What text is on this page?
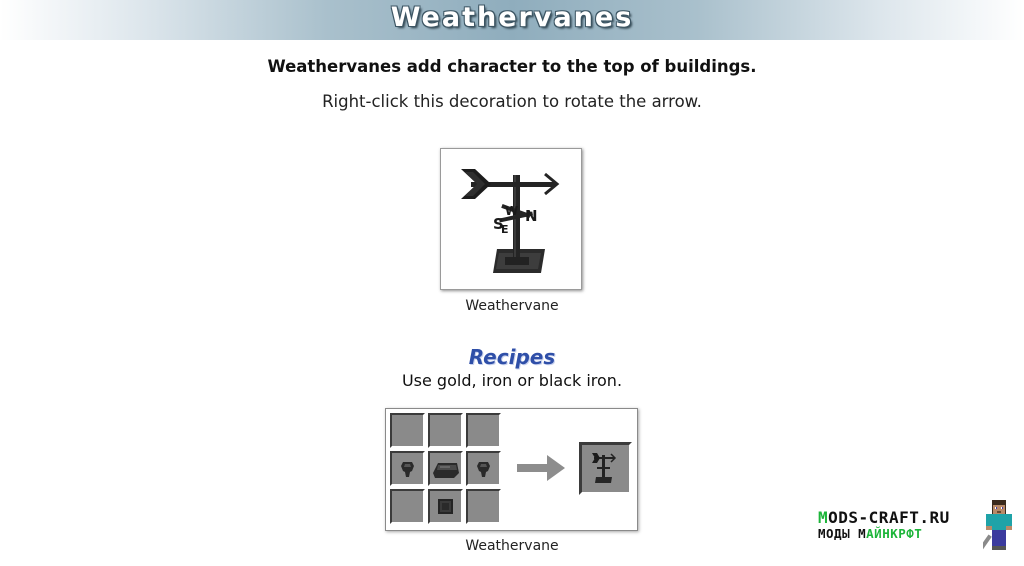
Weathervanes
Weathervanes add character to the top of buildings.
Right-click this decoration to rotate the arrow.
S N
W
E
Weathervane
Recipes
Use gold, iron or black iron.
Weathervane
MODS-CRAFT.RU
MОДЫ MАЙНКРФТ
